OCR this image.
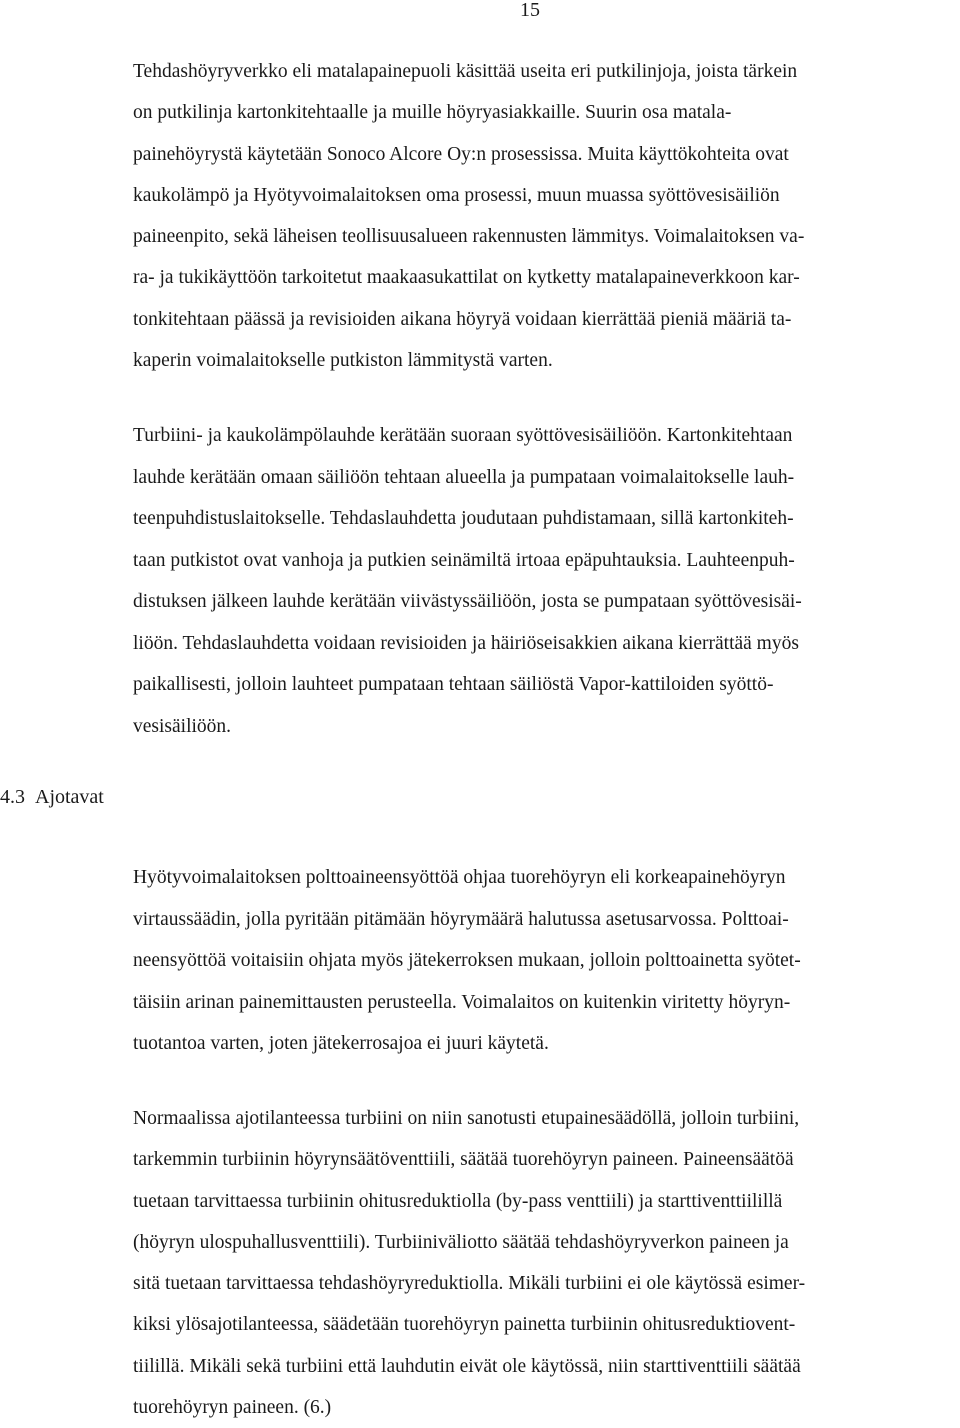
15
Tehdashöyryverkko eli matalapainepuoli käsittää useita eri putkilinjoja, joista tärkein
on putkilinja kartonkitehtaalle ja muille höyryasiakkaille. Suurin osa matala-
painehöyrystä käytetään Sonoco Alcore Oy:n prosessissa. Muita käyttökohteita ovat
kaukolämpö ja Hyötyvoimalaitoksen oma prosessi, muun muassa syöttövesisäiliön
paineenpito, sekä läheisen teollisuusalueen rakennusten lämmitys. Voimalaitoksen va-
ra- ja tukikäyttöön tarkoitetut maakaasukattilat on kytketty matalapaineverkkoon kar-
tonkitehtaan päässä ja revisioiden aikana höyryä voidaan kierrättää pieniä määriä ta-
kaperin voimalaitokselle putkiston lämmitystä varten.
Turbiini- ja kaukolämpölauhde kerätään suoraan syöttövesisäiliöön. Kartonkitehtaan
lauhde kerätään omaan säiliöön tehtaan alueella ja pumpataan voimalaitokselle lauh-
teenpuhdistuslaitokselle. Tehdaslauhdetta joudutaan puhdistamaan, sillä kartonkiteh-
taan putkistot ovat vanhoja ja putkien seinämiltä irtoaa epäpuhtauksia. Lauhteenpuh-
distuksen jälkeen lauhde kerätään viivästyssäiliöön, josta se pumpataan syöttövesisäi-
liöön. Tehdaslauhdetta voidaan revisioiden ja häiriöseisakkien aikana kierrättää myös
paikallisesti, jolloin lauhteet pumpataan tehtaan säiliöstä Vapor-kattiloiden syöttö-
vesisäiliöön.
4.3 Ajotavat
Hyötyvoimalaitoksen polttoaineensyöttöä ohjaa tuorehöyryn eli korkeapainehöyryn
virtaussäädin, jolla pyritään pitämään höyrymäärä halutussa asetusarvossa. Polttoai-
neensyöttöä voitaisiin ohjata myös jätekerroksen mukaan, jolloin polttoainetta syötet-
täisiin arinan painemittausten perusteella. Voimalaitos on kuitenkin viritetty höyryn-
tuotantoa varten, joten jätekerrosajoa ei juuri käytetä.
Normaalissa ajotilanteessa turbiini on niin sanotusti etupainesäädöllä, jolloin turbiini,
tarkemmin turbiinin höyrynsäätöventtiili, säätää tuorehöyryn paineen. Paineensäätöä
tuetaan tarvittaessa turbiinin ohitusreduktiolla (by-pass venttiili) ja starttiventtiilillä
(höyryn ulospuhallusventtiili). Turbiiniväliotto säätää tehdashöyryverkon paineen ja
sitä tuetaan tarvittaessa tehdashöyryreduktiolla. Mikäli turbiini ei ole käytössä esimer-
kiksi ylösajotilanteessa, säädetään tuorehöyryn painetta turbiinin ohitusreduktiovent-
tiilillä. Mikäli sekä turbiini että lauhdutin eivät ole käytössä, niin starttiventtiili säätää
tuorehöyryn paineen. (6.)
